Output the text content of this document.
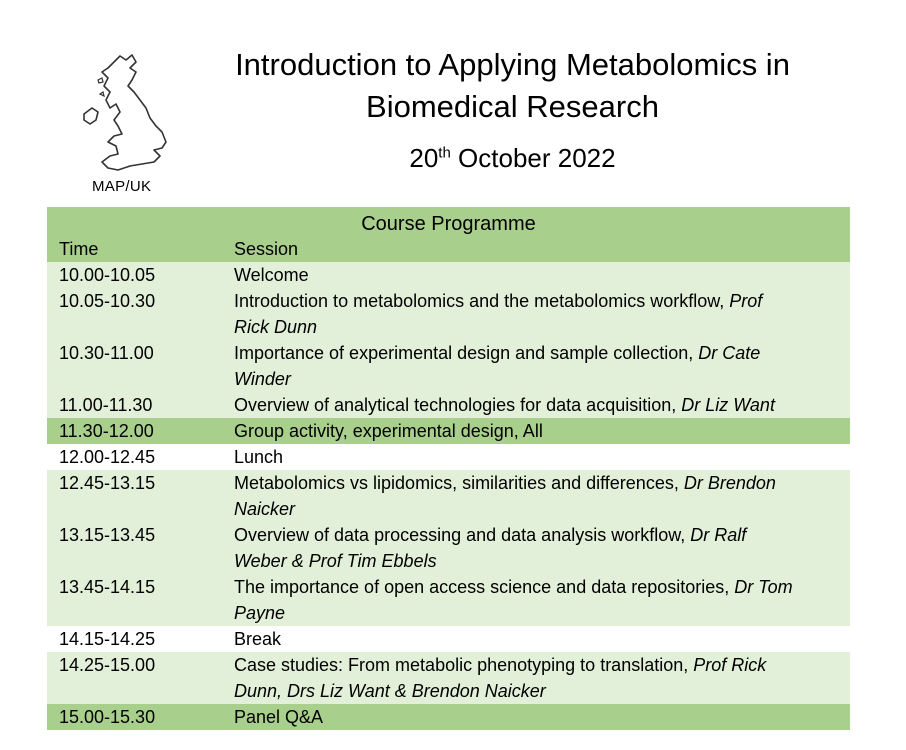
MAP/UK
Introduction to Applying Metabolomics in
Biomedical Research
20th October 2022
Course Programme
Time	Session
10.00-10.05	Welcome
10.05-10.30	Introduction to metabolomics and the metabolomics workflow, Prof
Rick Dunn
10.30-11.00	Importance of experimental design and sample collection, Dr Cate
Winder
11.00-11.30	Overview of analytical technologies for data acquisition, Dr Liz Want
11.30-12.00	Group activity, experimental design, All
12.00-12.45	Lunch
12.45-13.15	Metabolomics vs lipidomics, similarities and differences, Dr Brendon
Naicker
13.15-13.45	Overview of data processing and data analysis workflow, Dr Ralf
Weber & Prof Tim Ebbels
13.45-14.15	The importance of open access science and data repositories, Dr Tom
Payne
14.15-14.25	Break
14.25-15.00	Case studies: From metabolic phenotyping to translation, Prof Rick
Dunn, Drs Liz Want & Brendon Naicker
15.00-15.30	Panel Q&A
